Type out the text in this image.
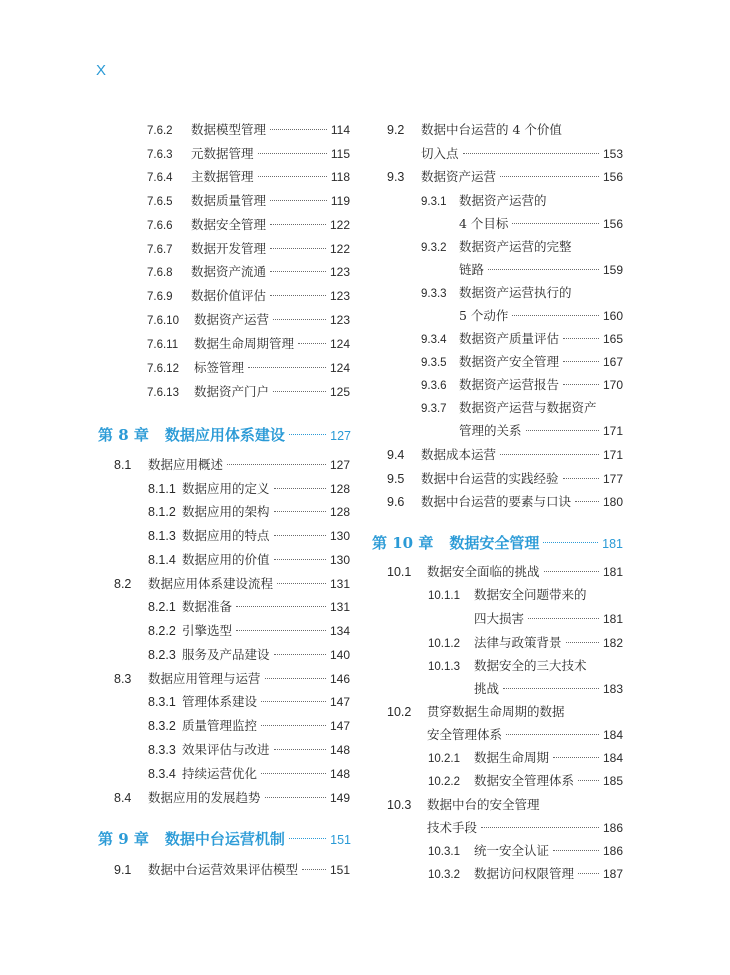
X
7.6.2	数据模型管理	114
7.6.3	元数据管理	115
7.6.4	主数据管理	118
7.6.5	数据质量管理	119
7.6.6	数据安全管理	122
7.6.7	数据开发管理	122
7.6.8	数据资产流通	123
7.6.9	数据价值评估	123
7.6.10	数据资产运营	123
7.6.11	数据生命周期管理	124
7.6.12	标签管理	124
7.6.13	数据资产门户	125
第 8 章 数据应用体系建设	127
8.1	数据应用概述	127
8.1.1 数据应用的定义	128
8.1.2 数据应用的架构	128
8.1.3 数据应用的特点	130
8.1.4 数据应用的价值	130
8.2	数据应用体系建设流程	131
8.2.1 数据准备	131
8.2.2 引擎选型	134
8.2.3 服务及产品建设	140
8.3	数据应用管理与运营	146
8.3.1 管理体系建设	147
8.3.2 质量管理监控	147
8.3.3 效果评估与改进	148
8.3.4 持续运营优化	148
8.4	数据应用的发展趋势	149
第 9 章 数据中台运营机制	151
9.1	数据中台运营效果评估模型	151
9.2 数据中台运营的 4 个价值
切入点	153
9.3	数据资产运营	156
9.3.1 数据资产运营的
4 个目标	156
9.3.2 数据资产运营的完整
链路	159
9.3.3 数据资产运营执行的
5 个动作	160
9.3.4 数据资产质量评估	165
9.3.5 数据资产安全管理	167
9.3.6 数据资产运营报告	170
9.3.7 数据资产运营与数据资产
管理的关系	171
9.4	数据成本运营	171
9.5	数据中台运营的实践经验	177
9.6	数据中台运营的要素与口诀	180
第 10 章 数据安全管理	181
10.1	数据安全面临的挑战	181
10.1.1 数据安全问题带来的
四大损害	181
10.1.2	法律与政策背景	182
10.1.3 数据安全的三大技术
挑战	183
10.2 贯穿数据生命周期的数据
安全管理体系	184
10.2.1	数据生命周期	184
10.2.2	数据安全管理体系 185
10.3 数据中台的安全管理
技术手段	186
10.3.1	统一安全认证	186
10.3.2	数据访问权限管理 187
